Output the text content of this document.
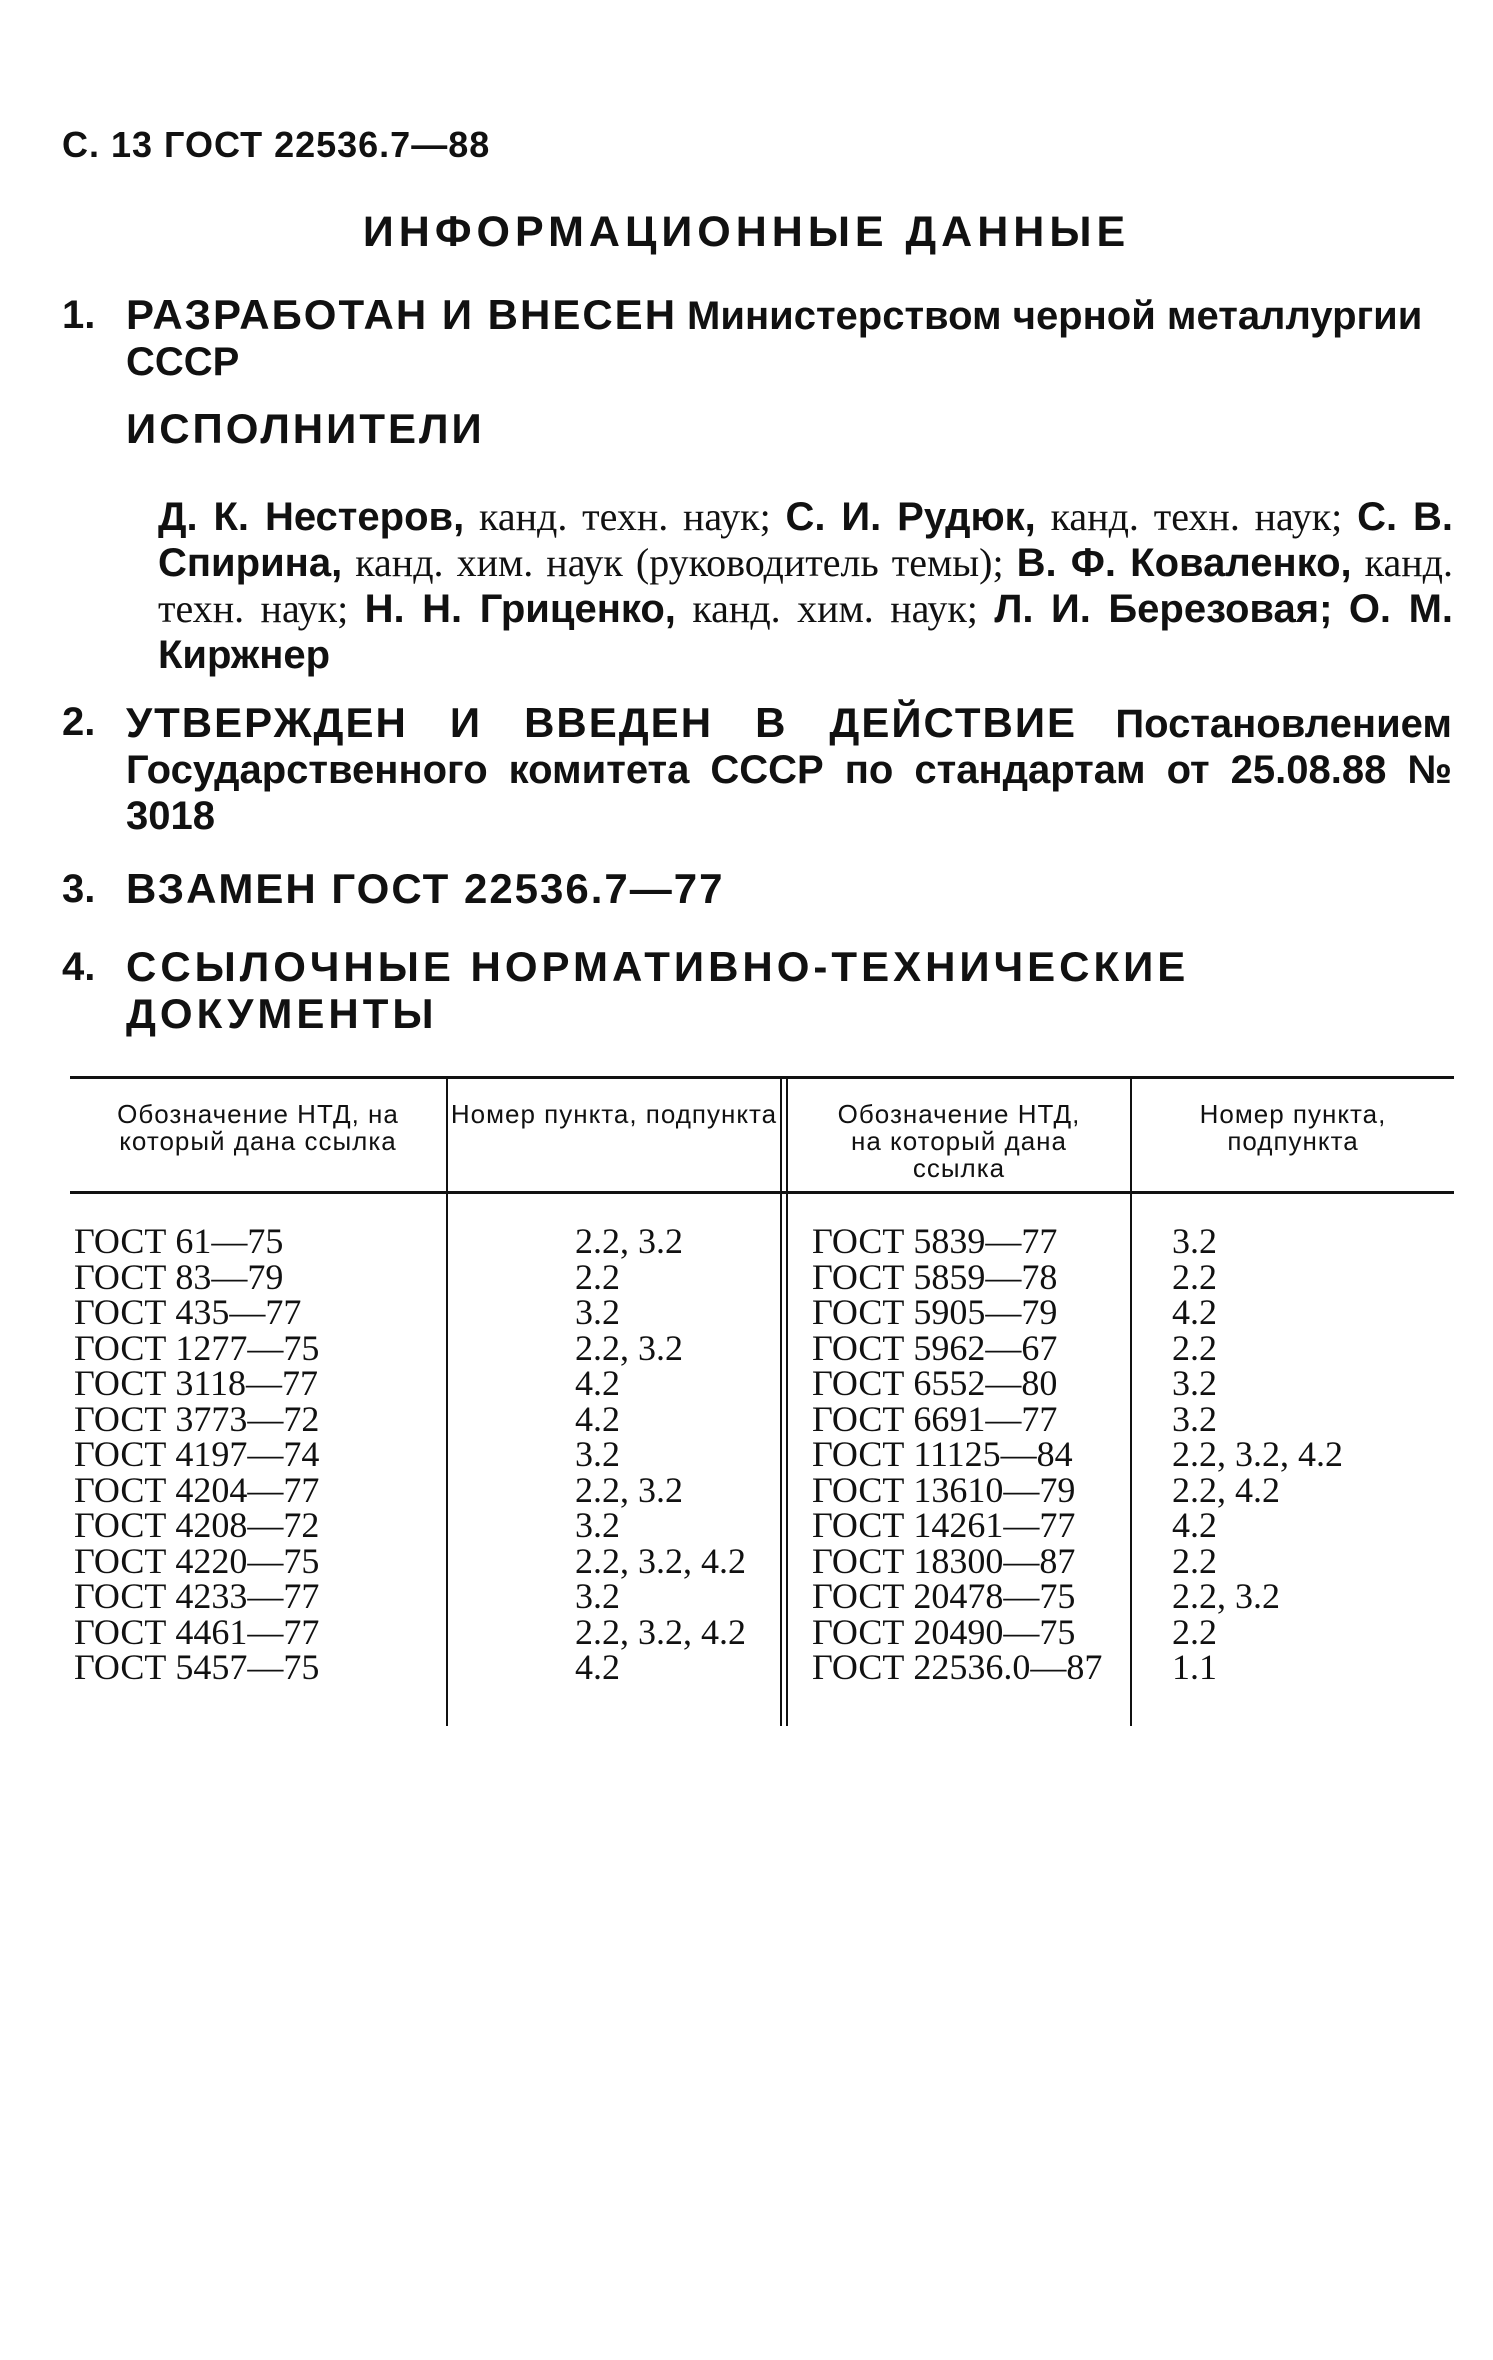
С. 13 ГОСТ 22536.7—88
ИНФОРМАЦИОННЫЕ ДАННЫЕ
1. РАЗРАБОТАН И ВНЕСЕН Министерством черной металлургии СССР
ИСПОЛНИТЕЛИ
Д. К. Нестеров, канд. техн. наук; С. И. Рудюк, канд. техн. наук; С. В. Спирина, канд. хим. наук (руководитель темы); В. Ф. Коваленко, канд. техн. наук; Н. Н. Гриценко, канд. хим. наук; Л. И. Березовая; О. М. Киржнер
2. УТВЕРЖДЕН И ВВЕДЕН В ДЕЙСТВИЕ Постановлением Государственного комитета СССР по стандартам от 25.08.88 № 3018
3. ВЗАМЕН ГОСТ 22536.7—77
4. ССЫЛОЧНЫЕ НОРМАТИВНО-ТЕХНИЧЕСКИЕ ДОКУМЕНТЫ
Обозначение НТД, на который дана ссылка
Номер пункта, подпункта	Обозначение НТД, на который дана ссылка
Номер пункта, подпункта
ГОСТ 61—75
ГОСТ 83—79
ГОСТ 435—77
ГОСТ 1277—75
ГОСТ 3118—77
ГОСТ 3773—72
ГОСТ 4197—74
ГОСТ 4204—77
ГОСТ 4208—72
ГОСТ 4220—75
ГОСТ 4233—77
ГОСТ 4461—77
ГОСТ 5457—75
2.2, 3.2
2.2
3.2
2.2, 3.2
4.2
4.2
3.2
2.2, 3.2
3.2
2.2, 3.2, 4.2
3.2
2.2, 3.2, 4.2
4.2
ГОСТ 5839—77
ГОСТ 5859—78
ГОСТ 5905—79
ГОСТ 5962—67
ГОСТ 6552—80
ГОСТ 6691—77
ГОСТ 11125—84
ГОСТ 13610—79
ГОСТ 14261—77
ГОСТ 18300—87
ГОСТ 20478—75
ГОСТ 20490—75
ГОСТ 22536.0—87
3.2
2.2
4.2
2.2
3.2
3.2
2.2, 3.2, 4.2
2.2, 4.2
4.2
2.2
2.2, 3.2
2.2
1.1
